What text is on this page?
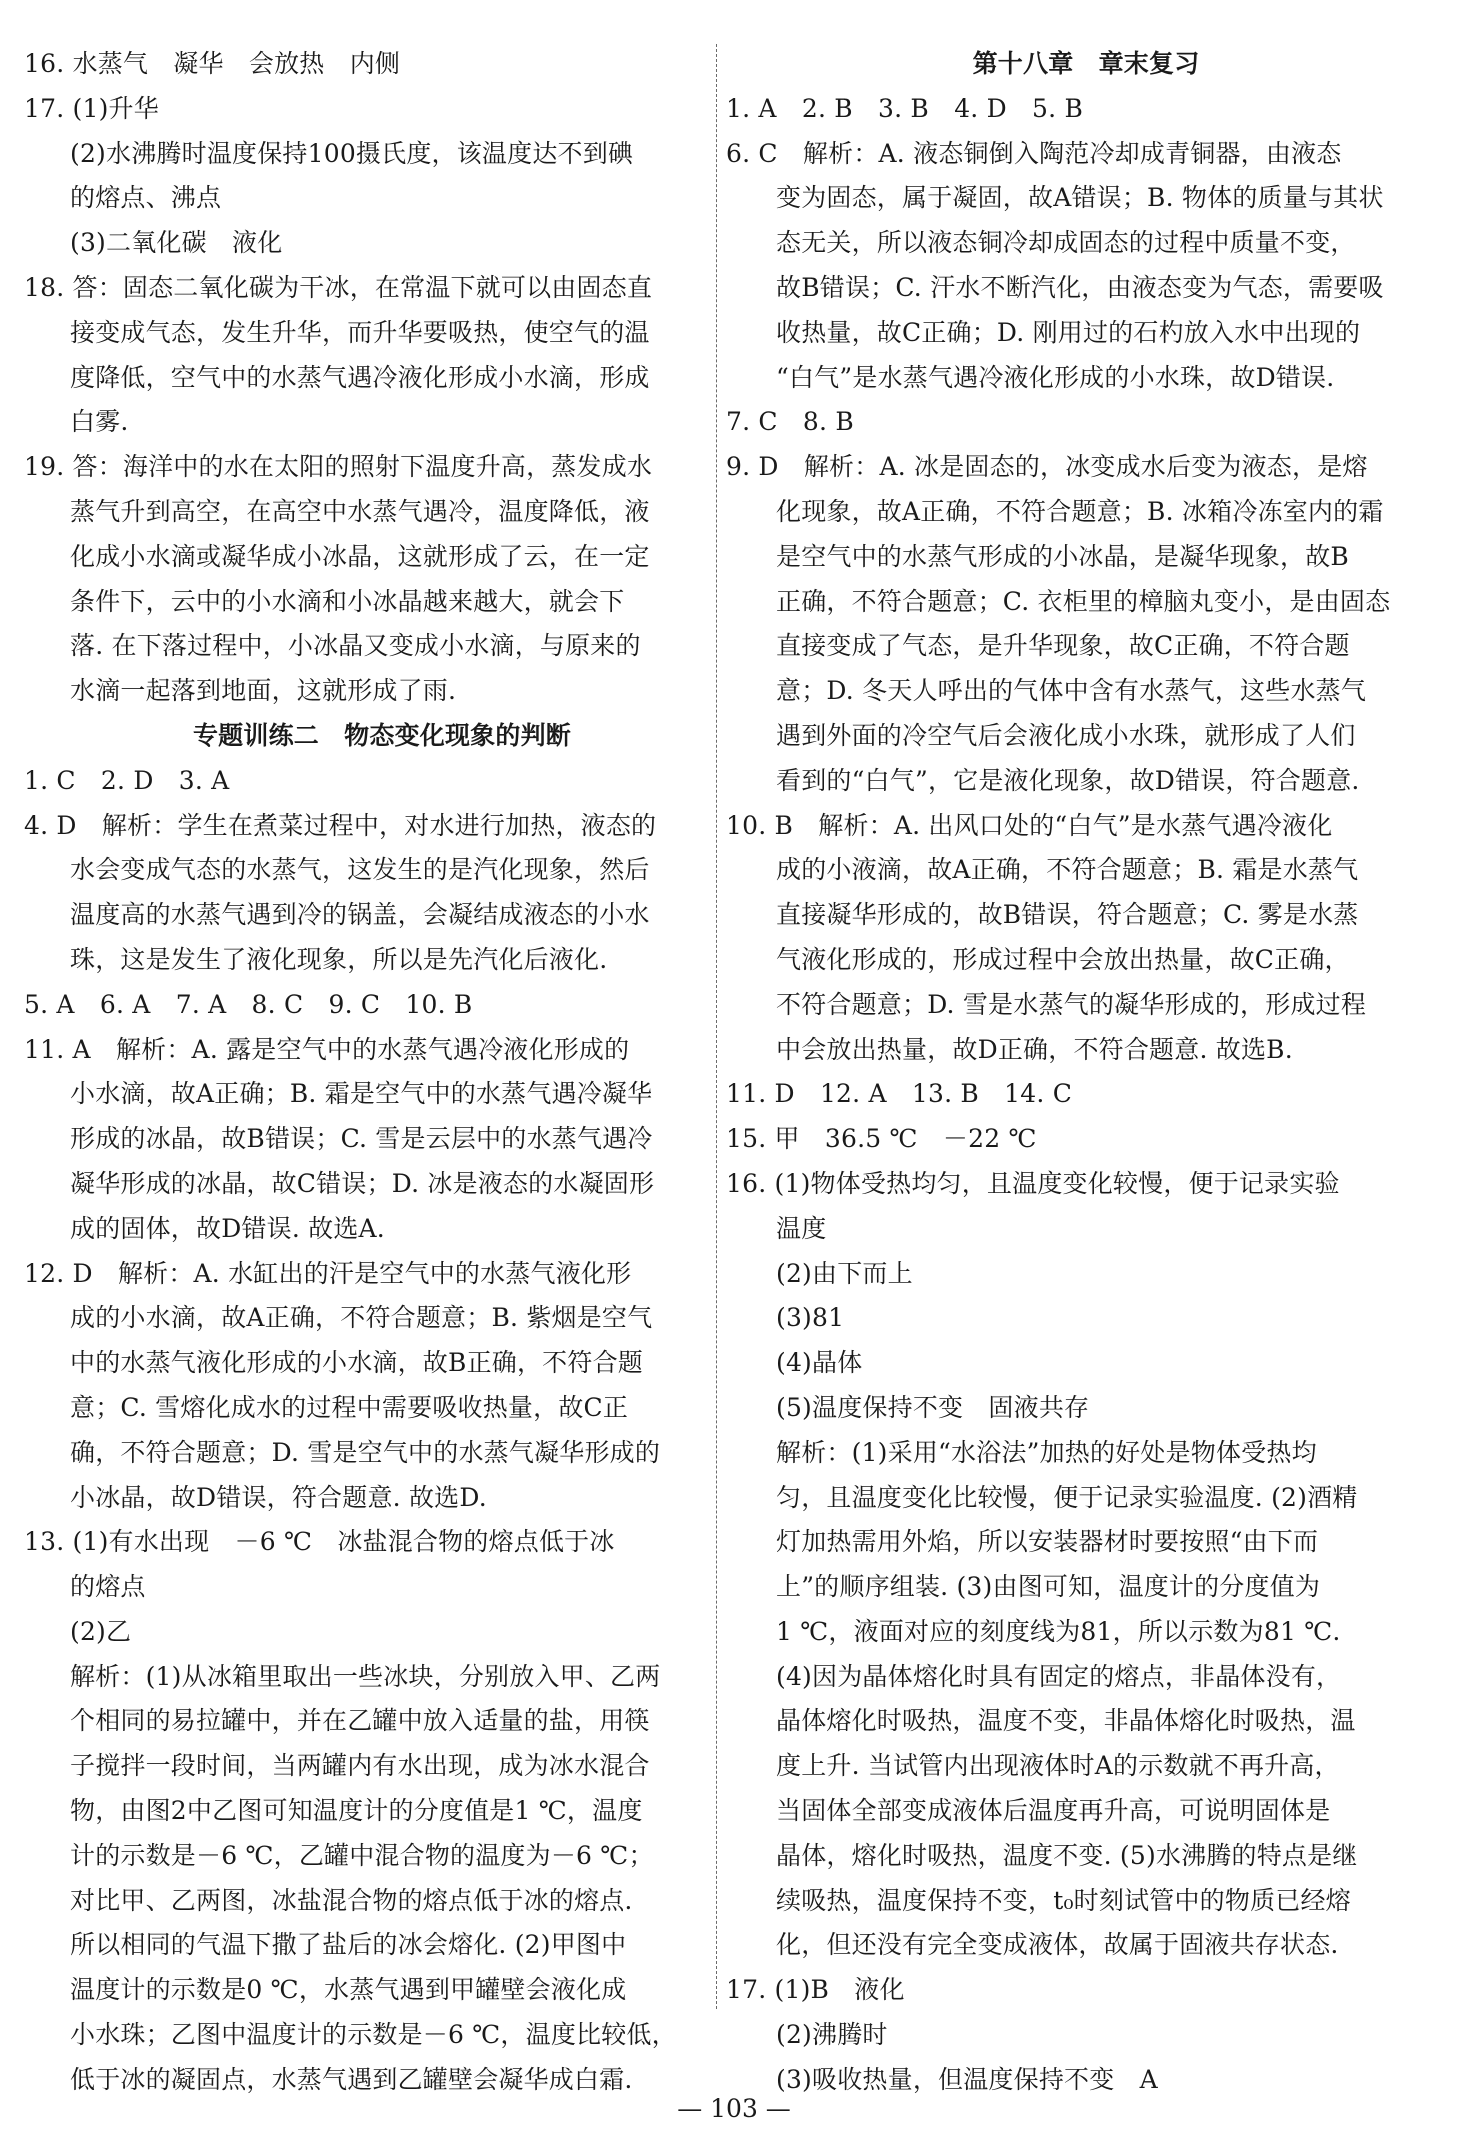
16. 水蒸气　凝华　会放热　内侧
17. (1)升华
(2)水沸腾时温度保持100摄氏度，该温度达不到碘
的熔点、沸点
(3)二氧化碳　液化
18. 答：固态二氧化碳为干冰，在常温下就可以由固态直
接变成气态，发生升华，而升华要吸热，使空气的温
度降低，空气中的水蒸气遇冷液化形成小水滴，形成
白雾.
19. 答：海洋中的水在太阳的照射下温度升高，蒸发成水
蒸气升到高空，在高空中水蒸气遇冷，温度降低，液
化成小水滴或凝华成小冰晶，这就形成了云，在一定
条件下，云中的小水滴和小冰晶越来越大，就会下
落. 在下落过程中，小冰晶又变成小水滴，与原来的
水滴一起落到地面，这就形成了雨.
专题训练二　物态变化现象的判断
1. C　2. D　3. A
4. D　解析：学生在煮菜过程中，对水进行加热，液态的
水会变成气态的水蒸气，这发生的是汽化现象，然后
温度高的水蒸气遇到冷的锅盖，会凝结成液态的小水
珠，这是发生了液化现象，所以是先汽化后液化.
5. A　6. A　7. A　8. C　9. C　10. B
11. A　解析：A. 露是空气中的水蒸气遇冷液化形成的
小水滴，故A正确；B. 霜是空气中的水蒸气遇冷凝华
形成的冰晶，故B错误；C. 雪是云层中的水蒸气遇冷
凝华形成的冰晶，故C错误；D. 冰是液态的水凝固形
成的固体，故D错误. 故选A.
12. D　解析：A. 水缸出的汗是空气中的水蒸气液化形
成的小水滴，故A正确，不符合题意；B. 紫烟是空气
中的水蒸气液化形成的小水滴，故B正确，不符合题
意；C. 雪熔化成水的过程中需要吸收热量，故C正
确，不符合题意；D. 雪是空气中的水蒸气凝华形成的
小冰晶，故D错误，符合题意. 故选D.
13. (1)有水出现　－6 ℃　冰盐混合物的熔点低于冰
的熔点
(2)乙
解析：(1)从冰箱里取出一些冰块，分别放入甲、乙两
个相同的易拉罐中，并在乙罐中放入适量的盐，用筷
子搅拌一段时间，当两罐内有水出现，成为冰水混合
物，由图2中乙图可知温度计的分度值是1 ℃，温度
计的示数是－6 ℃，乙罐中混合物的温度为－6 ℃；
对比甲、乙两图，冰盐混合物的熔点低于冰的熔点.
所以相同的气温下撒了盐后的冰会熔化. (2)甲图中
温度计的示数是0 ℃，水蒸气遇到甲罐壁会液化成
小水珠；乙图中温度计的示数是－6 ℃，温度比较低，
低于冰的凝固点，水蒸气遇到乙罐壁会凝华成白霜.
第十八章　章末复习
1. A　2. B　3. B　4. D　5. B
6. C　解析：A. 液态铜倒入陶范冷却成青铜器，由液态
变为固态，属于凝固，故A错误；B. 物体的质量与其状
态无关，所以液态铜冷却成固态的过程中质量不变，
故B错误；C. 汗水不断汽化，由液态变为气态，需要吸
收热量，故C正确；D. 刚用过的石杓放入水中出现的
“白气”是水蒸气遇冷液化形成的小水珠，故D错误.
7. C　8. B
9. D　解析：A. 冰是固态的，冰变成水后变为液态，是熔
化现象，故A正确，不符合题意；B. 冰箱冷冻室内的霜
是空气中的水蒸气形成的小冰晶，是凝华现象，故B
正确，不符合题意；C. 衣柜里的樟脑丸变小，是由固态
直接变成了气态，是升华现象，故C正确，不符合题
意；D. 冬天人呼出的气体中含有水蒸气，这些水蒸气
遇到外面的冷空气后会液化成小水珠，就形成了人们
看到的“白气”，它是液化现象，故D错误，符合题意.
10. B　解析：A. 出风口处的“白气”是水蒸气遇冷液化
成的小液滴，故A正确，不符合题意；B. 霜是水蒸气
直接凝华形成的，故B错误，符合题意；C. 雾是水蒸
气液化形成的，形成过程中会放出热量，故C正确，
不符合题意；D. 雪是水蒸气的凝华形成的，形成过程
中会放出热量，故D正确，不符合题意. 故选B.
11. D　12. A　13. B　14. C
15. 甲　36.5 ℃　－22 ℃
16. (1)物体受热均匀，且温度变化较慢，便于记录实验
温度
(2)由下而上
(3)81
(4)晶体
(5)温度保持不变　固液共存
解析：(1)采用“水浴法”加热的好处是物体受热均
匀，且温度变化比较慢，便于记录实验温度. (2)酒精
灯加热需用外焰，所以安装器材时要按照“由下而
上”的顺序组装. (3)由图可知，温度计的分度值为
1 ℃，液面对应的刻度线为81，所以示数为81 ℃.
(4)因为晶体熔化时具有固定的熔点，非晶体没有，
晶体熔化时吸热，温度不变，非晶体熔化时吸热，温
度上升. 当试管内出现液体时A的示数就不再升高，
当固体全部变成液体后温度再升高，可说明固体是
晶体，熔化时吸热，温度不变. (5)水沸腾的特点是继
续吸热，温度保持不变，t₀时刻试管中的物质已经熔
化，但还没有完全变成液体，故属于固液共存状态.
17. (1)B　液化
(2)沸腾时
(3)吸收热量，但温度保持不变　A
— 103 —
